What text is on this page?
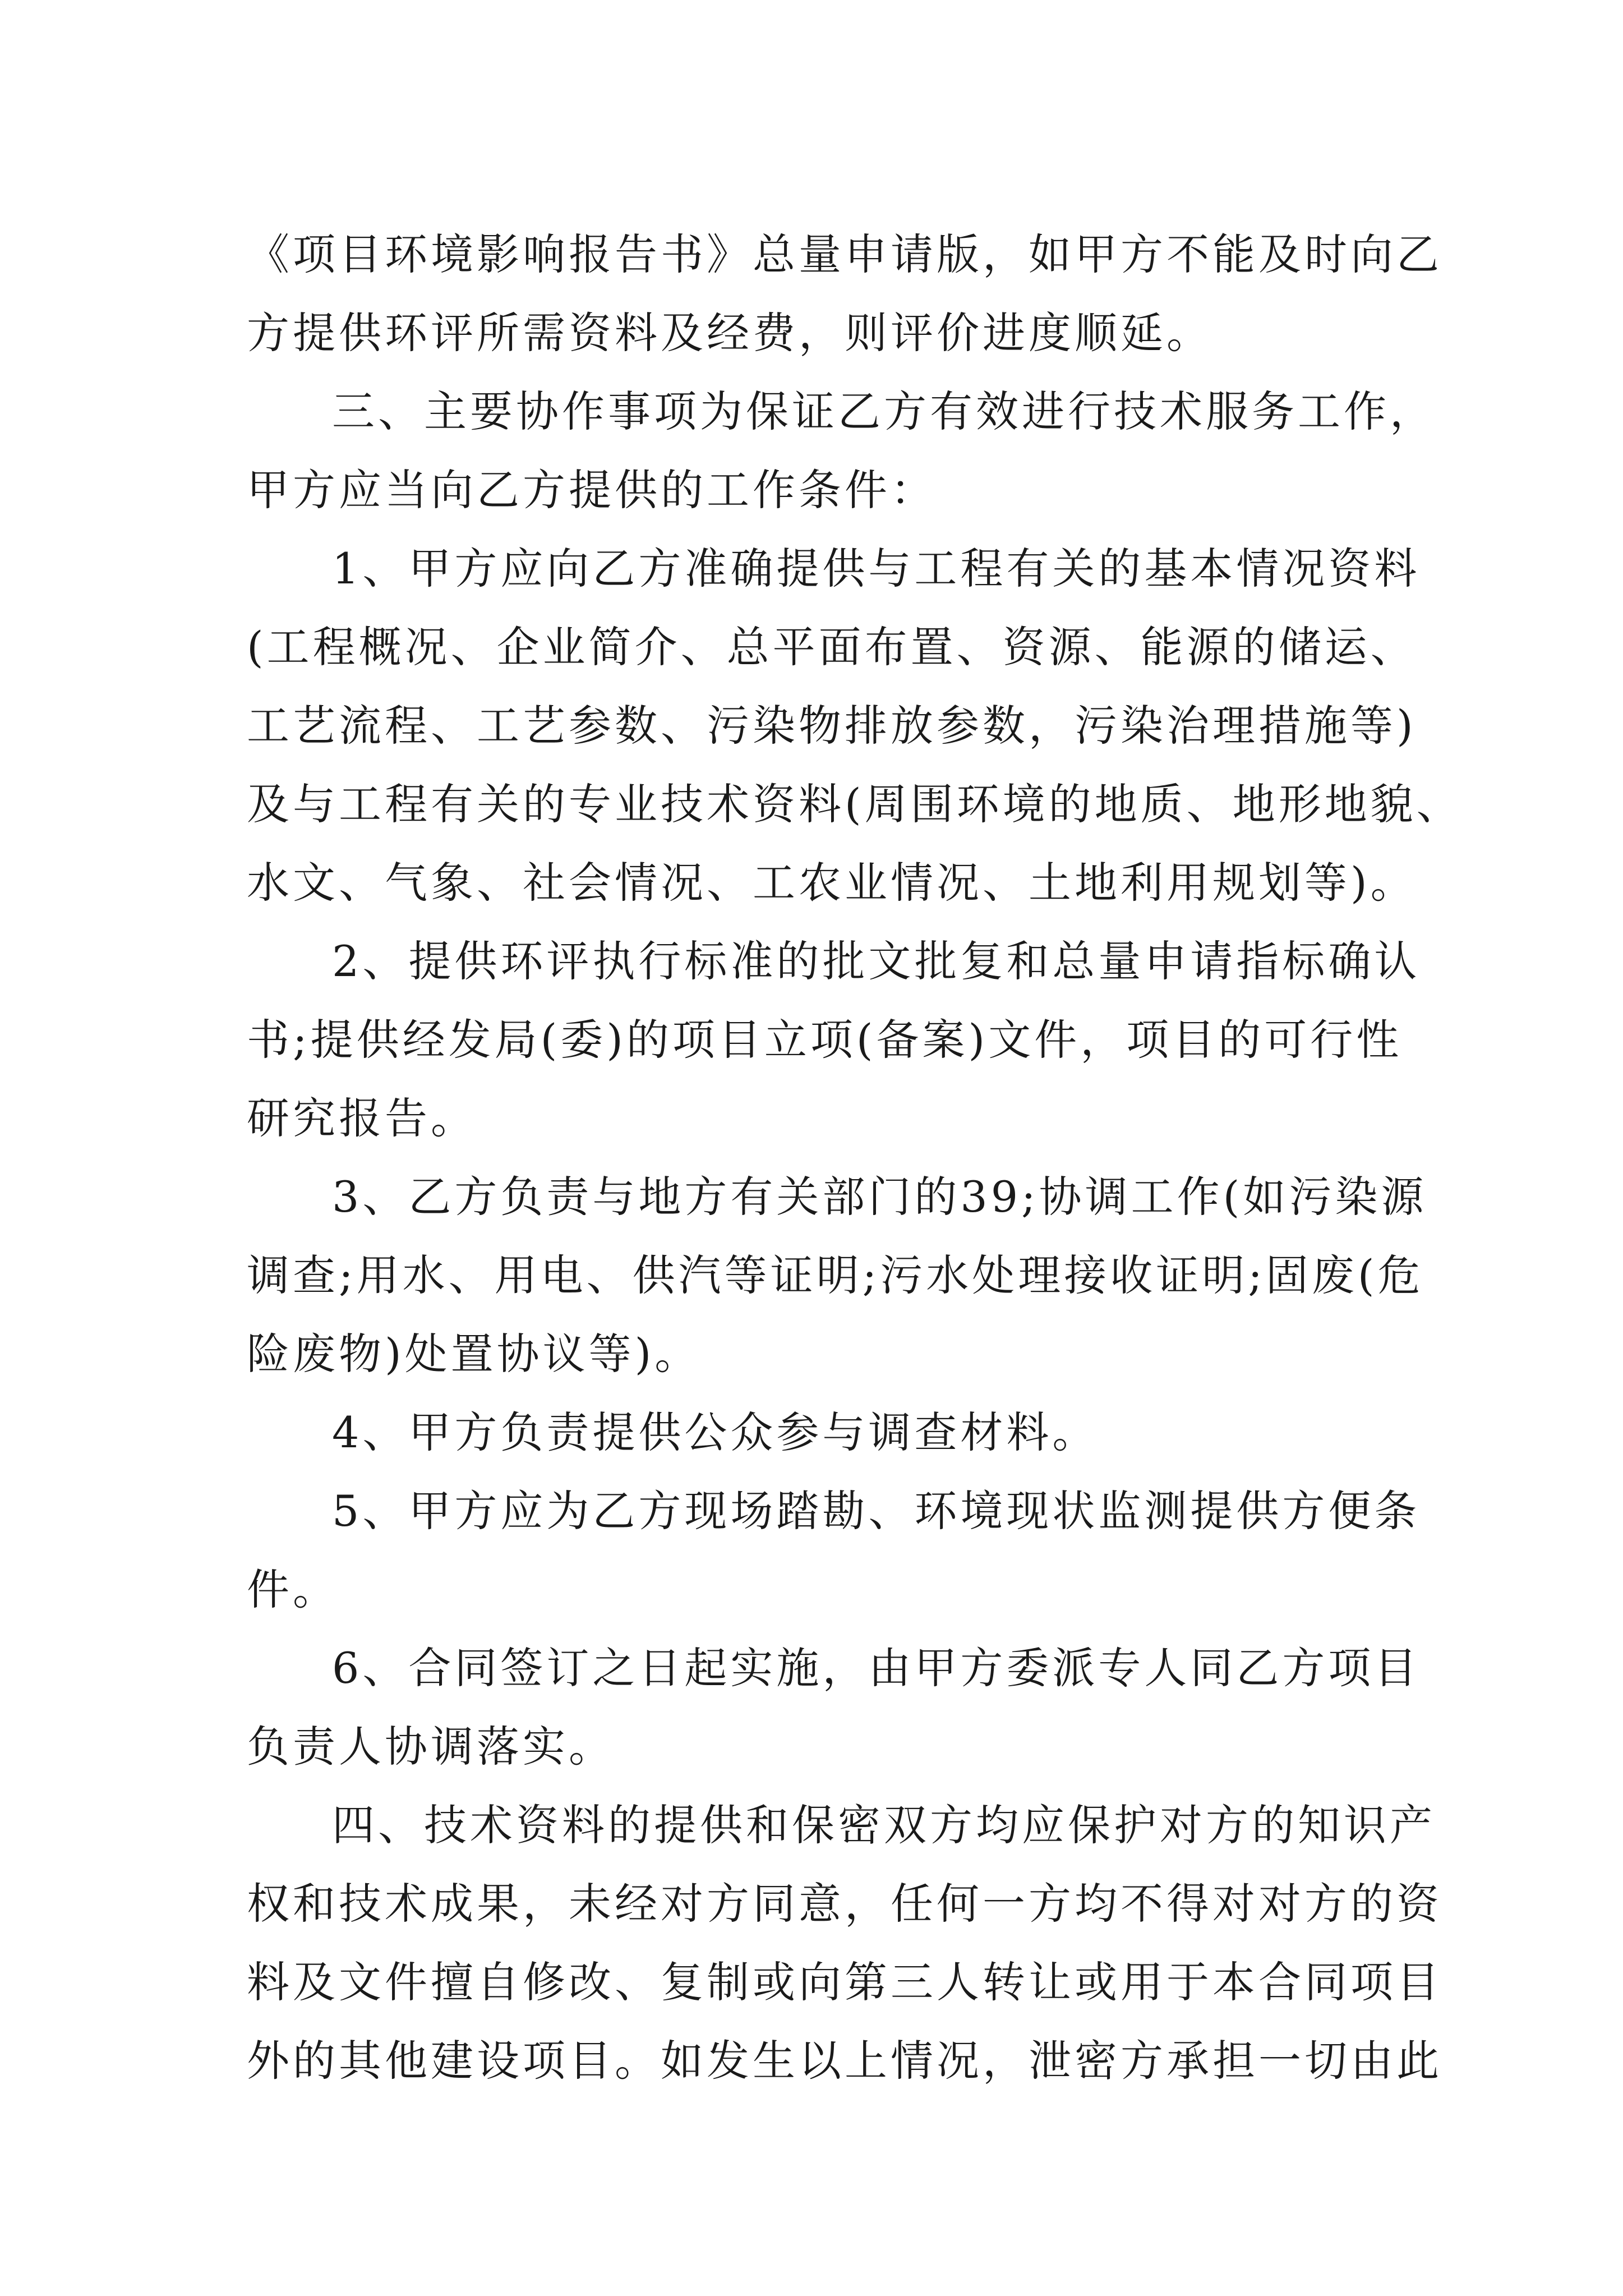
《项目环境影响报告书》总量申请版，如甲方不能及时向乙
方提供环评所需资料及经费，则评价进度顺延。
三、主要协作事项为保证乙方有效进行技术服务工作，
甲方应当向乙方提供的工作条件：
1、甲方应向乙方准确提供与工程有关的基本情况资料
(工程概况、企业简介、总平面布置、资源、能源的储运、
工艺流程、工艺参数、污染物排放参数，污染治理措施等)
及与工程有关的专业技术资料(周围环境的地质、地形地貌、
水文、气象、社会情况、工农业情况、土地利用规划等)。
2、提供环评执行标准的批文批复和总量申请指标确认
书;提供经发局(委)的项目立项(备案)文件，项目的可行性
研究报告。
3、乙方负责与地方有关部门的39;协调工作(如污染源
调查;用水、用电、供汽等证明;污水处理接收证明;固废(危
险废物)处置协议等)。
4、甲方负责提供公众参与调查材料。
5、甲方应为乙方现场踏勘、环境现状监测提供方便条
件。
6、合同签订之日起实施，由甲方委派专人同乙方项目
负责人协调落实。
四、技术资料的提供和保密双方均应保护对方的知识产
权和技术成果，未经对方同意，任何一方均不得对对方的资
料及文件擅自修改、复制或向第三人转让或用于本合同项目
外的其他建设项目。如发生以上情况，泄密方承担一切由此
